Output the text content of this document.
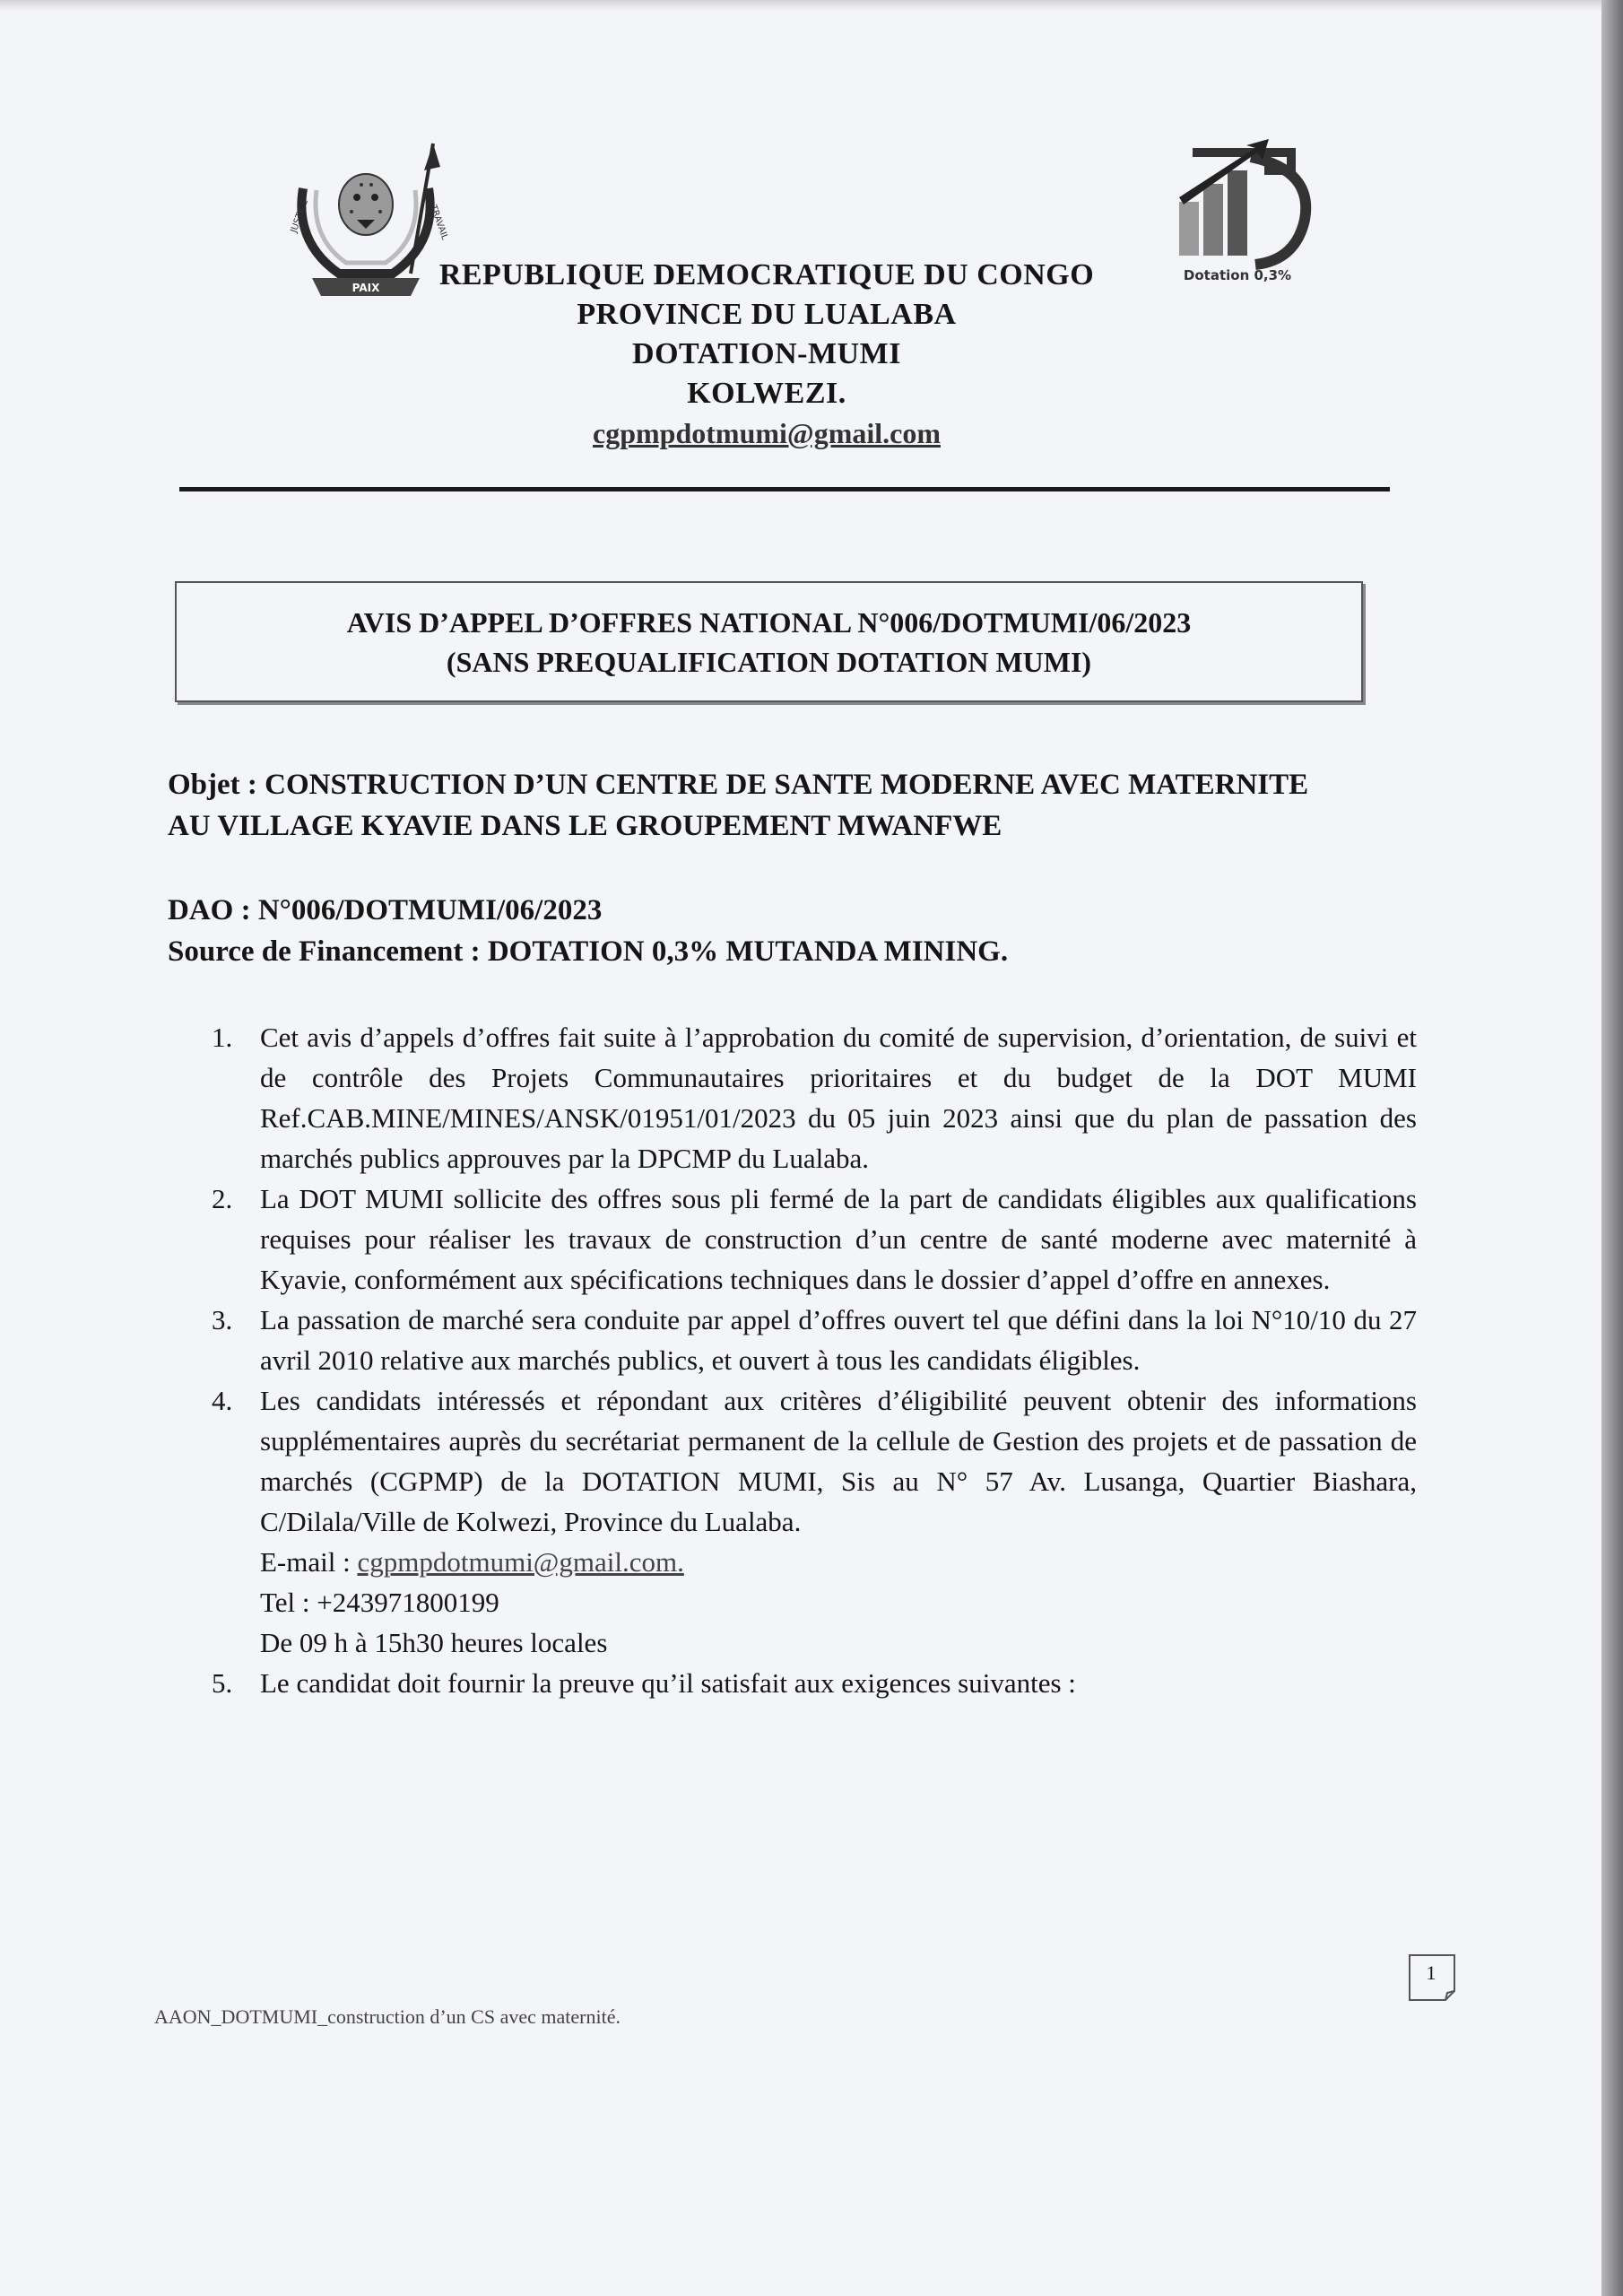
PAIX
JUSTICE	TRAVAIL
Dotation 0,3%
REPUBLIQUE DEMOCRATIQUE DU CONGO
PROVINCE DU LUALABA
DOTATION-MUMI
KOLWEZI.
cgpmpdotmumi@gmail.com
AVIS D’APPEL D’OFFRES NATIONAL N°006/DOTMUMI/06/2023
(SANS PREQUALIFICATION DOTATION MUMI)
Objet : CONSTRUCTION D’UN CENTRE DE SANTE MODERNE AVEC MATERNITE
AU VILLAGE KYAVIE DANS LE GROUPEMENT MWANFWE
DAO : N°006/DOTMUMI/06/2023
Source de Financement : DOTATION 0,3% MUTANDA MINING.
1. Cet avis d’appels d’offres fait suite à l’approbation du comité de supervision, d’orientation, de suivi et de contrôle des Projets Communautaires prioritaires et du budget de la DOT MUMI Ref.CAB.MINE/MINES/ANSK/01951/01/2023 du 05 juin 2023 ainsi que du plan de passation des marchés publics approuves par la DPCMP du Lualaba.
2. La DOT MUMI sollicite des offres sous pli fermé de la part de candidats éligibles aux qualifications requises pour réaliser les travaux de construction d’un centre de santé moderne avec maternité à Kyavie, conformément aux spécifications techniques dans le dossier d’appel d’offre en annexes.
3. La passation de marché sera conduite par appel d’offres ouvert tel que défini dans la loi N°10/10 du 27 avril 2010 relative aux marchés publics, et ouvert à tous les candidats éligibles.
4. Les candidats intéressés et répondant aux critères d’éligibilité peuvent obtenir des informations supplémentaires auprès du secrétariat permanent de la cellule de Gestion des projets et de passation de marchés (CGPMP) de la DOTATION MUMI, Sis au N° 57 Av. Lusanga, Quartier Biashara, C/Dilala/Ville de Kolwezi, Province du Lualaba.
E-mail : cgpmpdotmumi@gmail.com.
Tel : +243971800199
De 09 h à 15h30 heures locales
5. Le candidat doit fournir la preuve qu’il satisfait aux exigences suivantes :
1
AAON_DOTMUMI_construction d’un CS avec maternité.
